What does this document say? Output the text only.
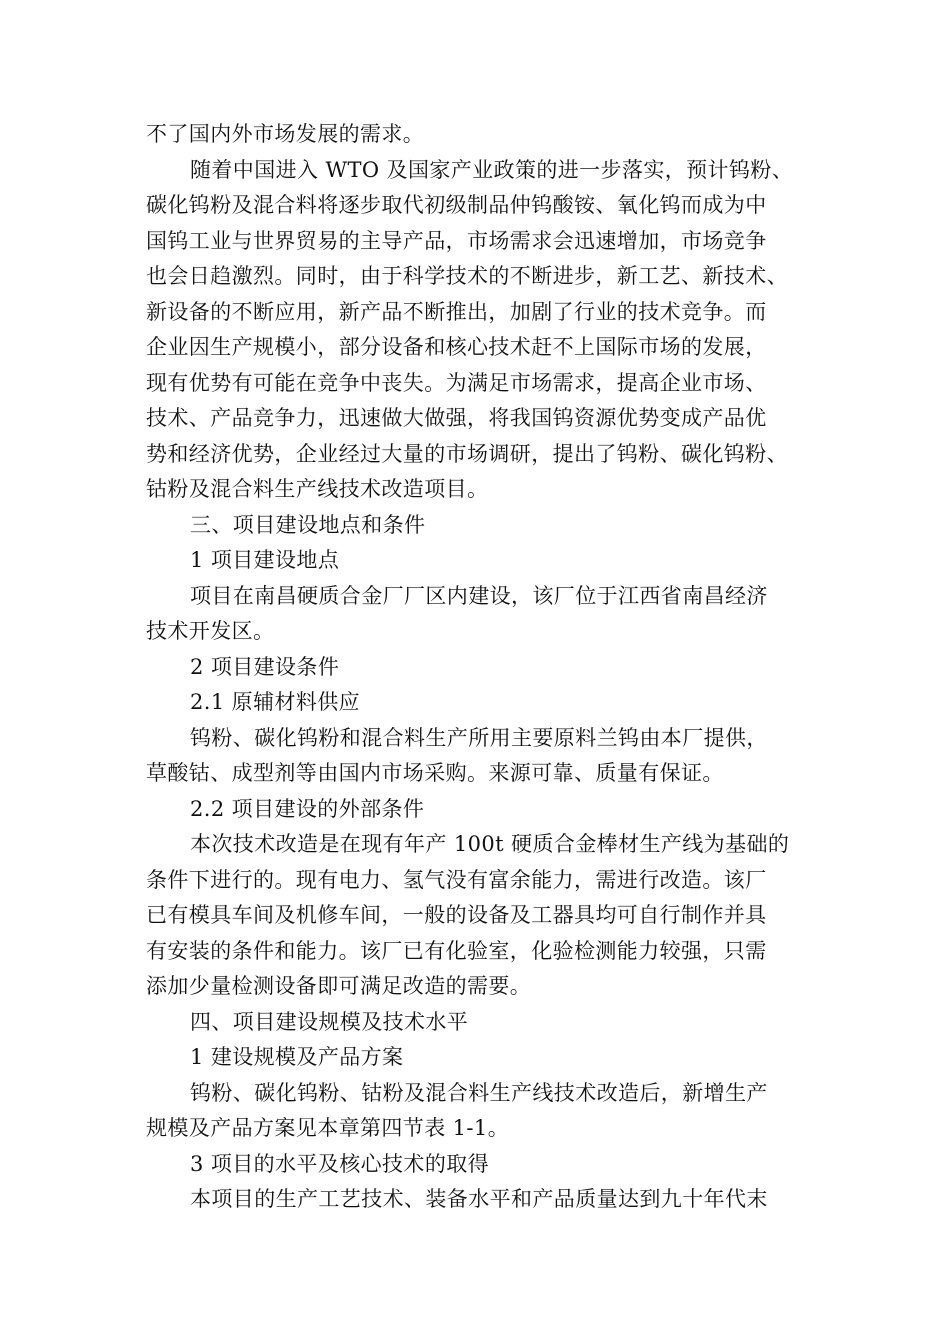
不了国内外市场发展的需求。
随着中国进入 WTO 及国家产业政策的进一步落实，预计钨粉、
碳化钨粉及混合料将逐步取代初级制品仲钨酸铵、氧化钨而成为中
国钨工业与世界贸易的主导产品，市场需求会迅速增加，市场竞争
也会日趋激烈。同时，由于科学技术的不断进步，新工艺、新技术、
新设备的不断应用，新产品不断推出，加剧了行业的技术竞争。而
企业因生产规模小，部分设备和核心技术赶不上国际市场的发展，
现有优势有可能在竞争中丧失。为满足市场需求，提高企业市场、
技术、产品竞争力，迅速做大做强，将我国钨资源优势变成产品优
势和经济优势，企业经过大量的市场调研，提出了钨粉、碳化钨粉、
钴粉及混合料生产线技术改造项目。
三、项目建设地点和条件
1 项目建设地点
项目在南昌硬质合金厂厂区内建设，该厂位于江西省南昌经济
技术开发区。
2 项目建设条件
2.1 原辅材料供应
钨粉、碳化钨粉和混合料生产所用主要原料兰钨由本厂提供，
草酸钴、成型剂等由国内市场采购。来源可靠、质量有保证。
2.2 项目建设的外部条件
本次技术改造是在现有年产 100t 硬质合金棒材生产线为基础的
条件下进行的。现有电力、氢气没有富余能力，需进行改造。该厂
已有模具车间及机修车间，一般的设备及工器具均可自行制作并具
有安装的条件和能力。该厂已有化验室，化验检测能力较强，只需
添加少量检测设备即可满足改造的需要。
四、项目建设规模及技术水平
1 建设规模及产品方案
钨粉、碳化钨粉、钴粉及混合料生产线技术改造后，新增生产
规模及产品方案见本章第四节表 1-1。
3 项目的水平及核心技术的取得
本项目的生产工艺技术、装备水平和产品质量达到九十年代末
